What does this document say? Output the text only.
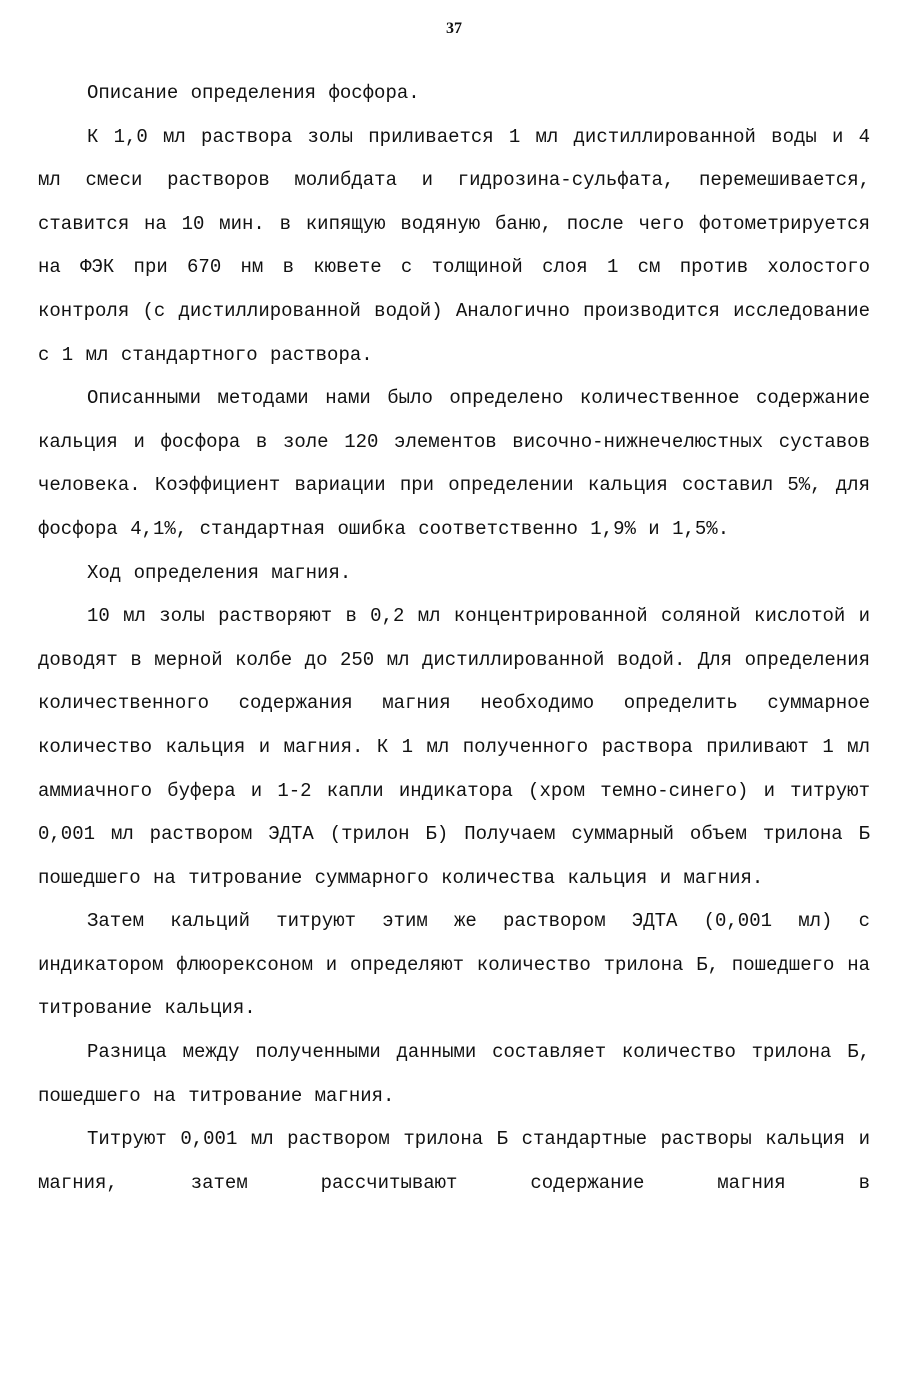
37

Описание определения фосфора.

К 1,0 мл раствора золы приливается 1 мл дистиллированной воды и 4 мл смеси растворов молибдата и гидрозина-сульфата, перемешивается, ставится на 10 мин. в кипящую водяную баню, после чего фотометрируется на ФЭК при 670 нм в кювете с толщиной слоя 1 см против холостого контроля (с дистиллированной водой) Аналогично производится исследование с 1 мл стандартного раствора.

Описанными методами нами было определено количественное содержание кальция и фосфора в золе 120 элементов височно-нижнечелюстных суставов человека. Коэффициент вариации при определении кальция составил 5%, для фосфора 4,1%, стандартная ошибка соответственно 1,9% и 1,5%.

Ход определения магния.

10 мл золы растворяют в 0,2 мл концентрированной соляной кислотой и доводят в мерной колбе до 250 мл дистиллированной водой. Для определения количественного содержания магния необходимо определить суммарное количество кальция и магния. К 1 мл полученного раствора приливают 1 мл аммиачного буфера и 1-2 капли индикатора (хром темно-синего) и титруют 0,001 мл раствором ЭДТА (трилон Б) Получаем суммарный объем трилона Б пошедшего на титрование суммарного количества кальция и магния.

Затем кальций титруют этим же раствором ЭДТА (0,001 мл) с индикатором флюорексоном и определяют количество трилона Б, пошедшего на титрование кальция.

Разница между полученными данными составляет количество трилона Б, пошедшего на титрование магния.

Титруют 0,001 мл раствором трилона Б стандартные растворы кальция и магния, затем рассчитывают содержание магния в
